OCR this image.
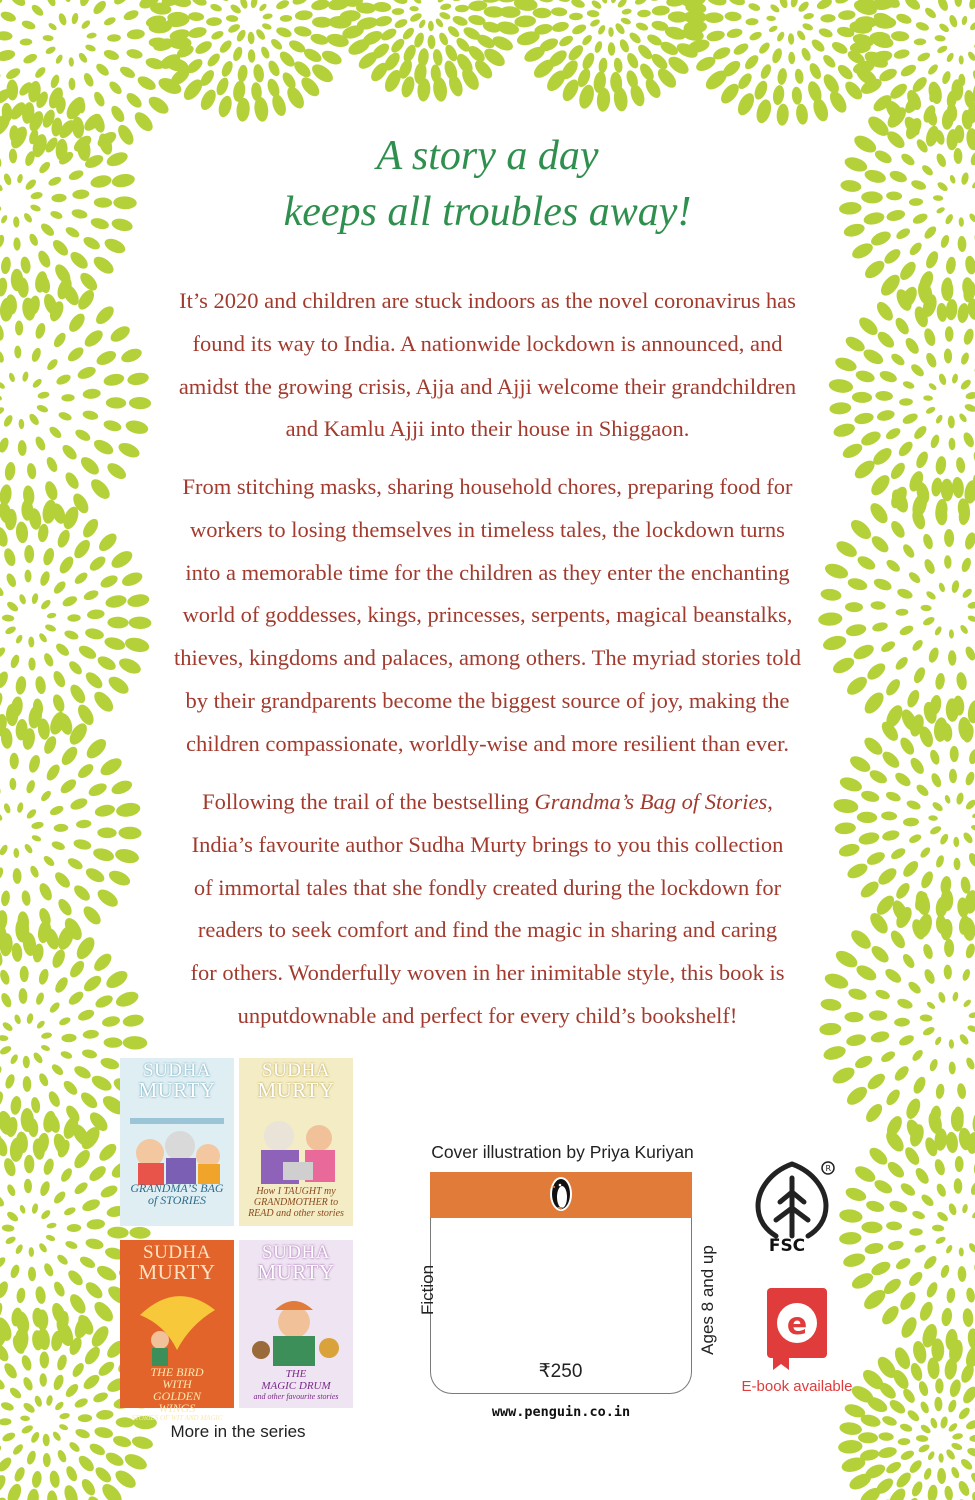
A story a day
keeps all troubles away!
It’s 2020 and children are stuck indoors as the novel coronavirus has
found its way to India. A nationwide lockdown is announced, and
amidst the growing crisis, Ajja and Ajji welcome their grandchildren
and Kamlu Ajji into their house in Shiggaon.
From stitching masks, sharing household chores, preparing food for
workers to losing themselves in timeless tales, the lockdown turns
into a memorable time for the children as they enter the enchanting
world of goddesses, kings, princesses, serpents, magical beanstalks,
thieves, kingdoms and palaces, among others. The myriad stories told
by their grandparents become the biggest source of joy, making the
children compassionate, worldly-wise and more resilient than ever.
Following the trail of the bestselling Grandma’s Bag of Stories,
India’s favourite author Sudha Murty brings to you this collection
of immortal tales that she fondly created during the lockdown for
readers to seek comfort and find the magic in sharing and caring
for others. Wonderfully woven in her inimitable style, this book is
unputdownable and perfect for every child’s bookshelf!
SUDHA
MURTY
GRANDMA’S BAG
of STORIES
SUDHA
MURTY
How I TAUGHT my
GRANDMOTHER to
READ and other stories
SUDHA
MURTY
THE BIRD
WITH
GOLDEN
WINGS
STORIES OF WIT AND MAGIC
SUDHA
MURTY
THE
MAGIC DRUM
and other favourite stories
More in the series
Cover illustration by Priya Kuriyan
₹250
Fiction	Ages 8 and up
www.penguin.co.in
R
FSC
e
E-book available
